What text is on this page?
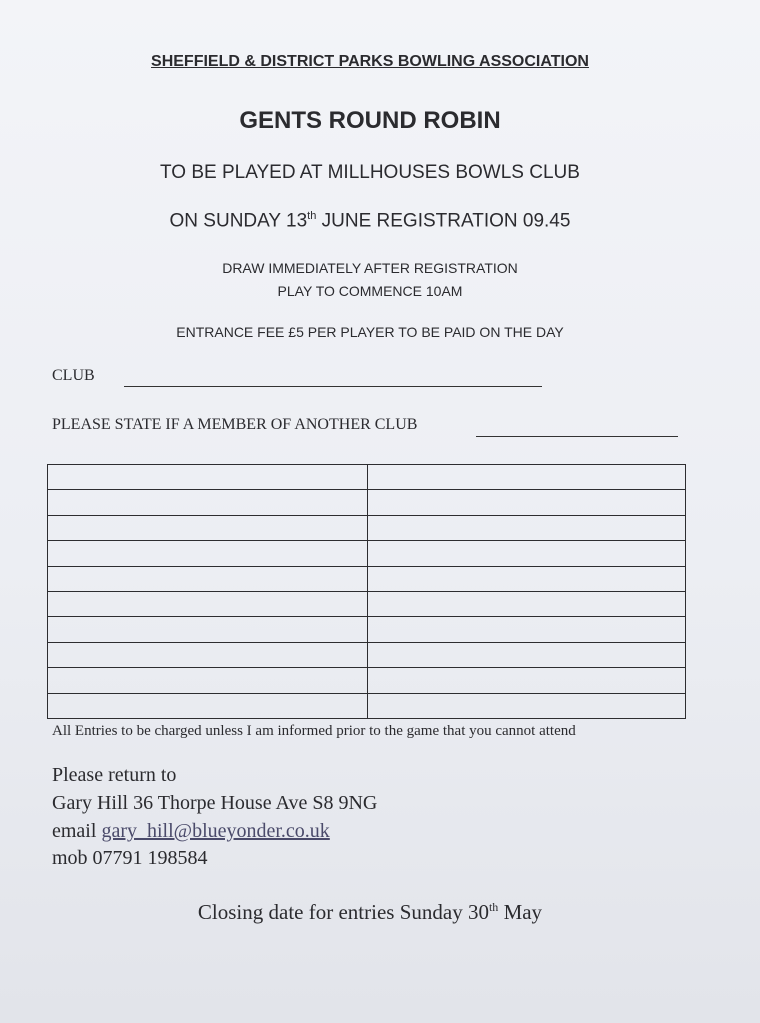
SHEFFIELD & DISTRICT PARKS BOWLING ASSOCIATION
GENTS ROUND ROBIN
TO BE PLAYED AT MILLHOUSES BOWLS CLUB
ON SUNDAY 13th JUNE REGISTRATION 09.45
DRAW IMMEDIATELY AFTER REGISTRATION
PLAY TO COMMENCE 10AM
ENTRANCE FEE £5 PER PLAYER TO BE PAID ON THE DAY
CLUB
PLEASE STATE IF A MEMBER OF ANOTHER CLUB

All Entries to be charged unless I am informed prior to the game that you cannot attend
Please return to
Gary Hill 36 Thorpe House Ave S8 9NG
email gary_hill@blueyonder.co.uk
mob 07791 198584
Closing date for entries Sunday 30th May
